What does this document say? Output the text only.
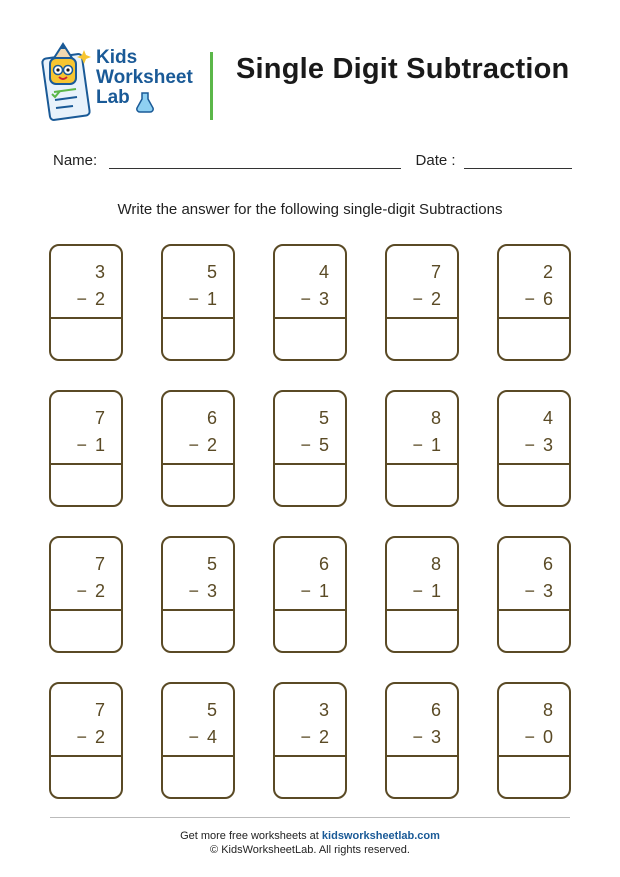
Kids
Worksheet
Lab
Single Digit Subtraction
Name:	Date :
Write the answer for the following single-digit Subtractions
3
− 2
5
− 1
4
− 3
7
− 2
2
− 6
7
− 1
6
− 2
5
− 5
8
− 1
4
− 3
7
− 2
5
− 3
6
− 1
8
− 1
6
− 3
7
− 2
5
− 4
3
− 2
6
− 3
8
− 0
Get more free worksheets at kidsworksheetlab.com
© KidsWorksheetLab. All rights reserved.
